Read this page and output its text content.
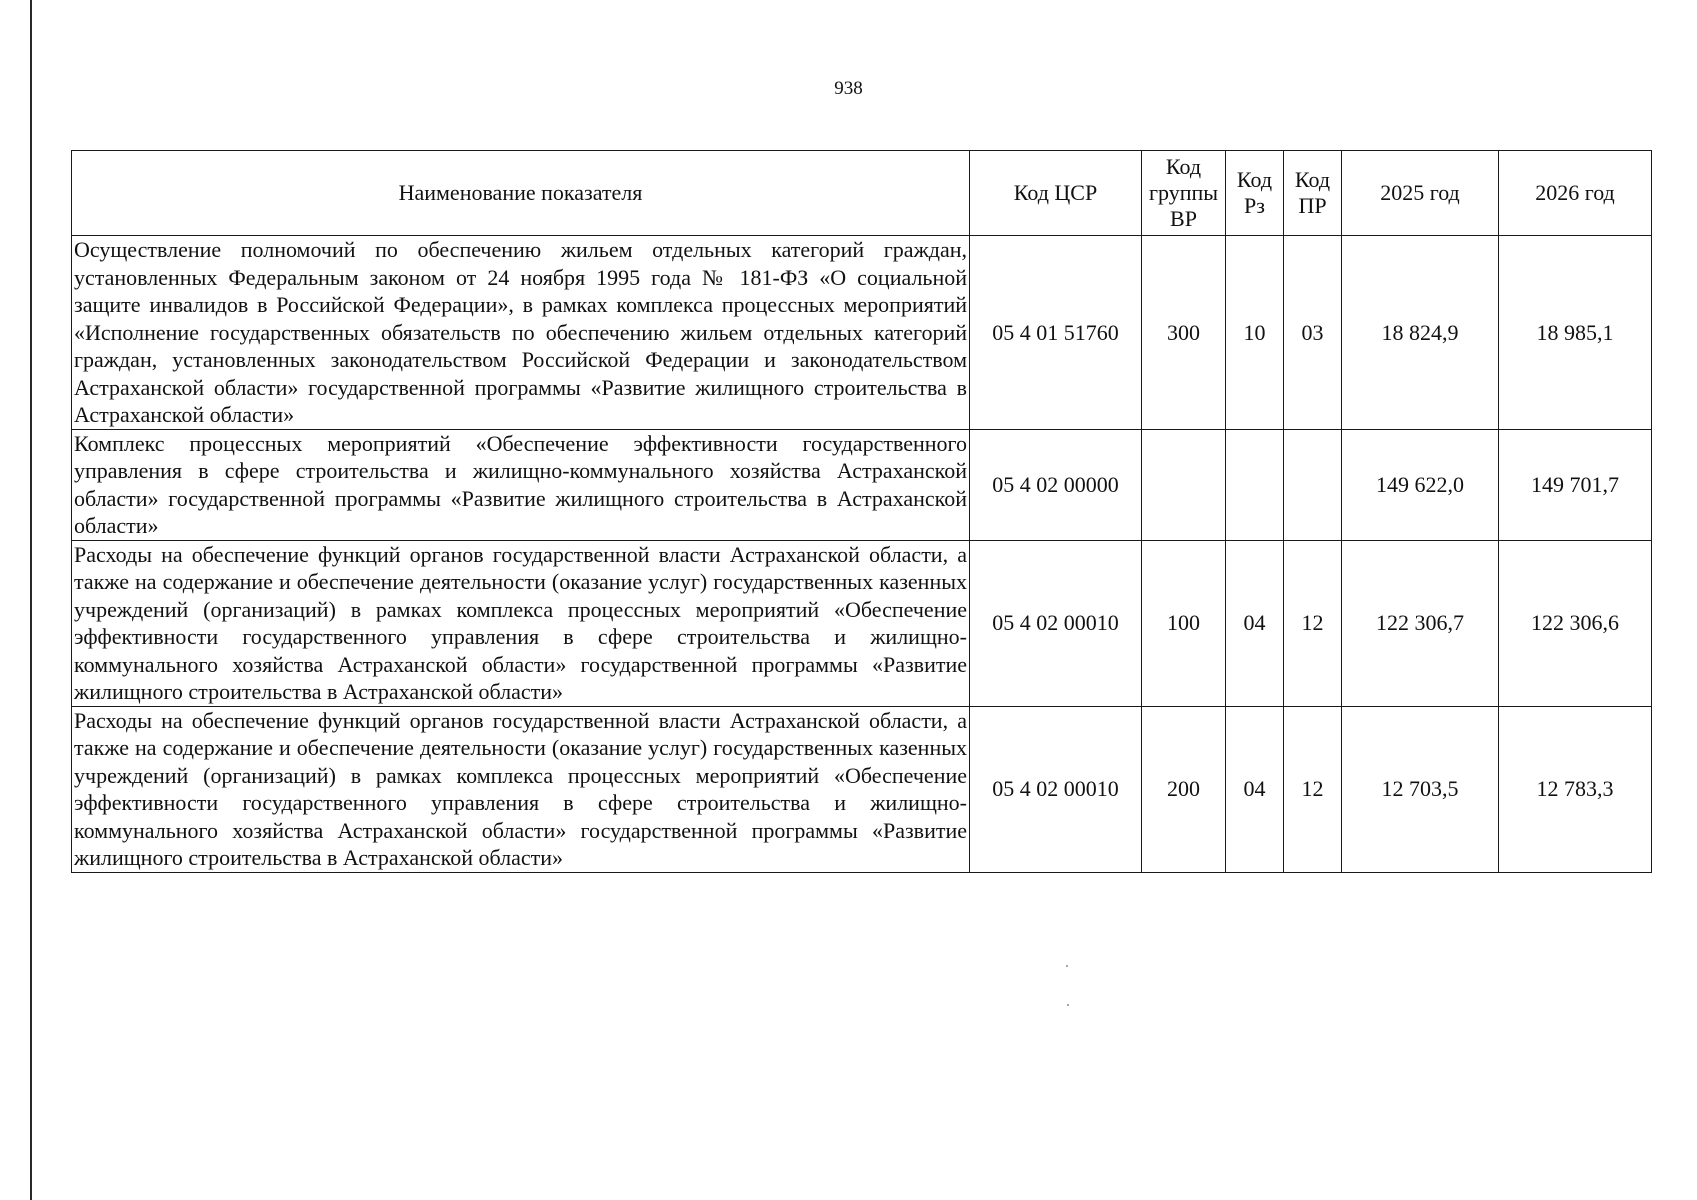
938
Наименование показателя	Код ЦСР	Код группы ВР	Код Рз	Код ПР	2025 год	2026 год
Осуществление полномочий по обеспечению жильем отдельных категорий граждан, установленных Федеральным законом от 24 ноября 1995 года № 181-ФЗ «О социальной защите инвалидов в Российской Федерации», в рамках комплекса процессных мероприятий «Исполнение государственных обязательств по обеспечению жильем отдельных категорий граждан, установленных законодательством Российской Федерации и законодательством Астраханской области» государственной программы «Развитие жилищного строительства в Астраханской области»	05 4 01 51760	300	10	03	18 824,9	18 985,1
Комплекс процессных мероприятий «Обеспечение эффективности государственного управления в сфере строительства и жилищно-коммунального хозяйства Астраханской области» государственной программы «Развитие жилищного строительства в Астраханской области»	05 4 02 00000				149 622,0	149 701,7
Расходы на обеспечение функций органов государственной власти Астраханской области, а также на содержание и обеспечение деятельности (оказание услуг) государственных казенных учреждений (организаций) в рамках комплекса процессных мероприятий «Обеспечение эффективности государственного управления в сфере строительства и жилищно-коммунального хозяйства Астраханской области» государственной программы «Развитие жилищного строительства в Астраханской области»	05 4 02 00010	100	04	12	122 306,7	122 306,6
Расходы на обеспечение функций органов государственной власти Астраханской области, а также на содержание и обеспечение деятельности (оказание услуг) государственных казенных учреждений (организаций) в рамках комплекса процессных мероприятий «Обеспечение эффективности государственного управления в сфере строительства и жилищно-коммунального хозяйства Астраханской области» государственной программы «Развитие жилищного строительства в Астраханской области»	05 4 02 00010	200	04	12	12 703,5	12 783,3
